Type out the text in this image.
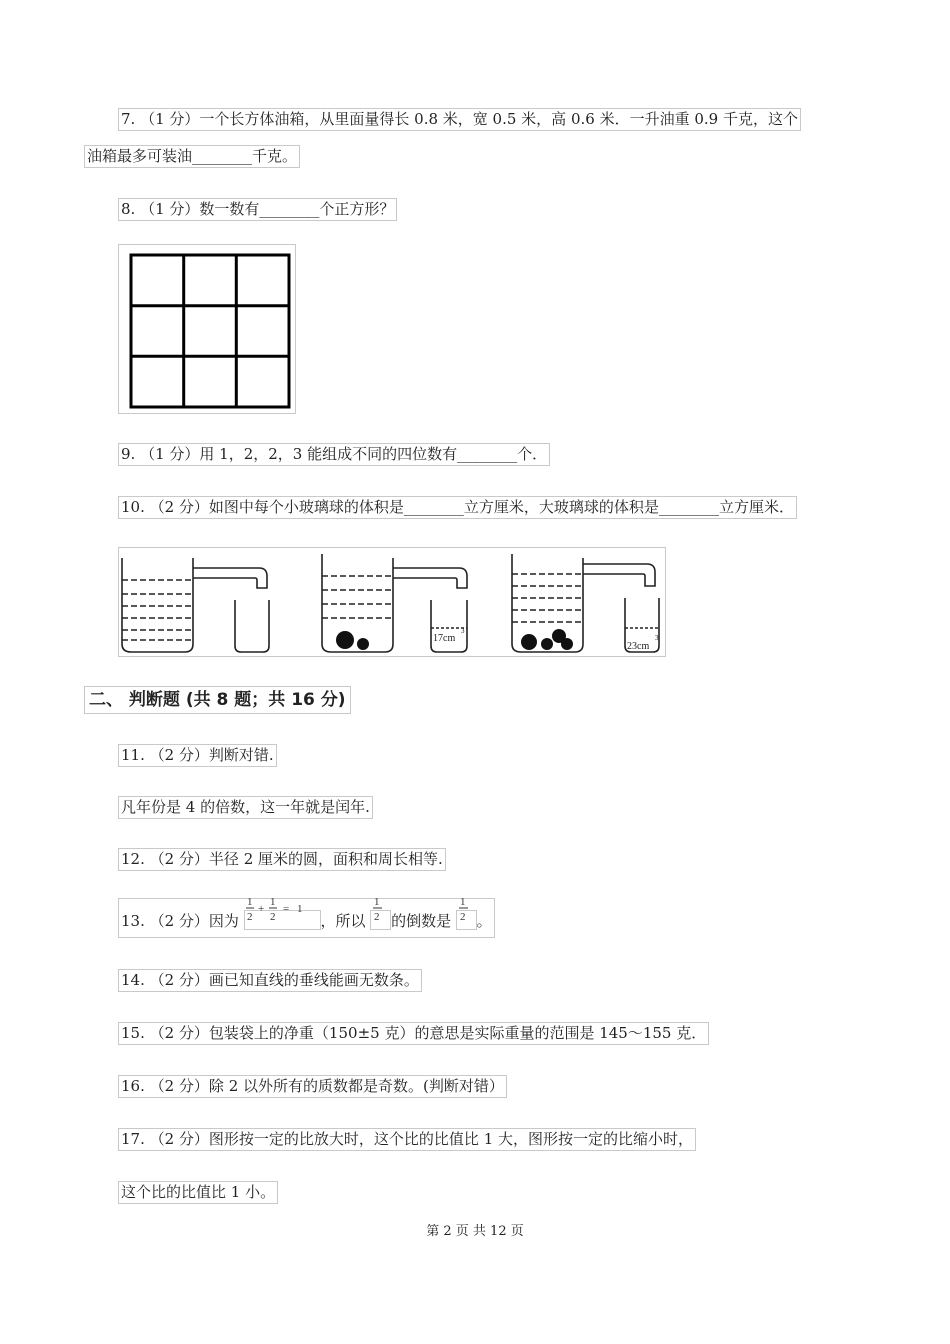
7. （1 分）一个长方体油箱，从里面量得长 0.8 米，宽 0.5 米，高 0.6 米．一升油重 0.9 千克，这个
油箱最多可装油________千克。
8. （1 分）数一数有________个正方形？
9. （1 分）用 1，2，2，3 能组成不同的四位数有________个．
10. （2 分）如图中每个小玻璃球的体积是________立方厘米，大玻璃球的体积是________立方厘米．
17cm
3
23cm
3
二、 判断题 (共 8 题；共 16 分)
11. （2 分）判断对错.
凡年份是 4 的倍数，这一年就是闰年.
12. （2 分）半径 2 厘米的圆，面积和周长相等.
13. （2 分）因为
1
2
+
1
2
= 1
，所以
1
2 的倒数是
1
2 。
14. （2 分）画已知直线的垂线能画无数条。
15. （2 分）包装袋上的净重（150±5 克）的意思是实际重量的范围是 145～155 克．
16. （2 分）除 2 以外所有的质数都是奇数。(判断对错）
17. （2 分）图形按一定的比放大时，这个比的比值比 1 大，图形按一定的比缩小时，
这个比的比值比 1 小。
第 2 页 共 12 页
